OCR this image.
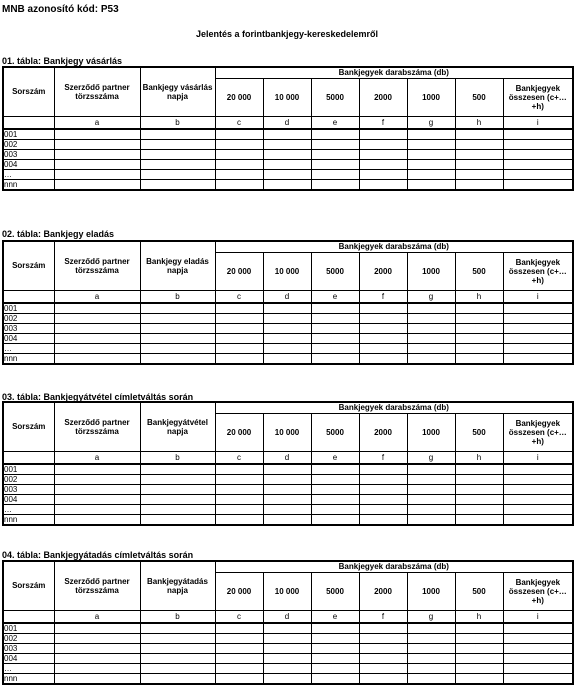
MNB azonosító kód: P53
Jelentés a forintbankjegy-kereskedelemről
01. tábla: Bankjegy vásárlás
Sorszám	Szerződő partner törzsszáma	Bankjegy vásárlás napja	Bankjegyek darabszáma (db)						
			20 000	10 000	5000	2000	1000	500	Bankjegyek összesen (c+…+h)
	a	b	c	d	e	f	g	h	i
001									
002									
003									
004									
…									
nnn									
02. tábla: Bankjegy eladás
Sorszám	Szerződő partner törzsszáma	Bankjegy eladás napja	Bankjegyek darabszáma (db)						
			20 000	10 000	5000	2000	1000	500	Bankjegyek összesen (c+…+h)
	a	b	c	d	e	f	g	h	i
001									
002									
003									
004									
…									
nnn									
03. tábla: Bankjegyátvétel címletváltás során
Sorszám	Szerződő partner törzsszáma	Bankjegyátvétel napja	Bankjegyek darabszáma (db)						
			20 000	10 000	5000	2000	1000	500	Bankjegyek összesen (c+…+h)
	a	b	c	d	e	f	g	h	i
001									
002									
003									
004									
…									
nnn									
04. tábla: Bankjegyátadás címletváltás során
Sorszám	Szerződő partner törzsszáma	Bankjegyátadás napja	Bankjegyek darabszáma (db)						
			20 000	10 000	5000	2000	1000	500	Bankjegyek összesen (c+…+h)
	a	b	c	d	e	f	g	h	i
001									
002									
003									
004									
…									
nnn									
